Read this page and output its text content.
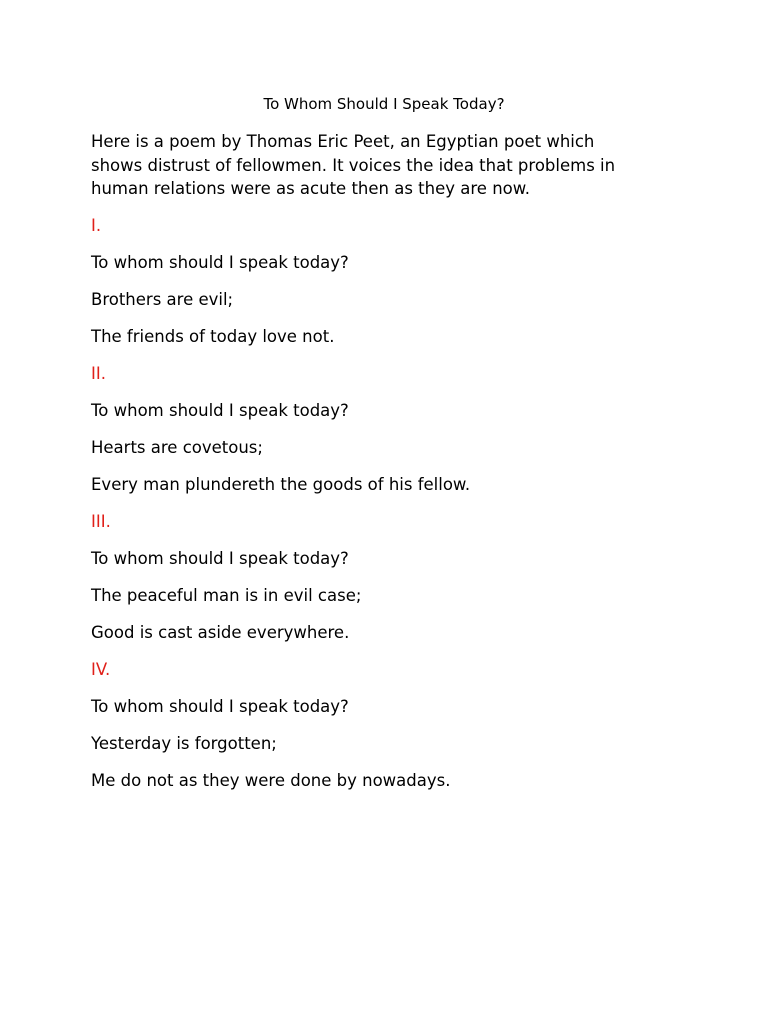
To Whom Should I Speak Today?
Here is a poem by Thomas Eric Peet, an Egyptian poet which
shows distrust of fellowmen. It voices the idea that problems in
human relations were as acute then as they are now.
I.
To whom should I speak today?
Brothers are evil;
The friends of today love not.
II.
To whom should I speak today?
Hearts are covetous;
Every man plundereth the goods of his fellow.
III.
To whom should I speak today?
The peaceful man is in evil case;
Good is cast aside everywhere.
IV.
To whom should I speak today?
Yesterday is forgotten;
Me do not as they were done by nowadays.
